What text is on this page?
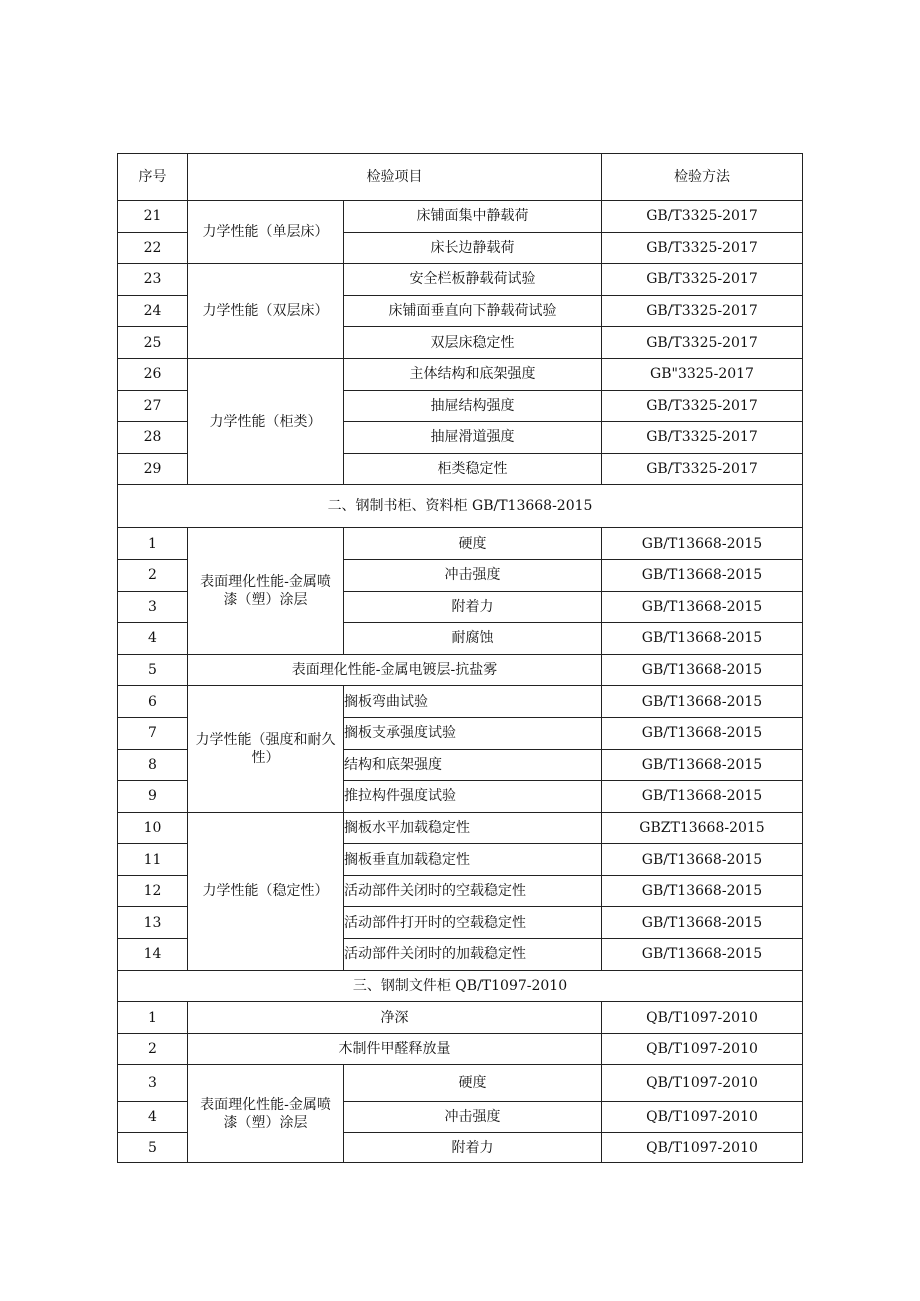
序号	检验项目		检验方法
21	力学性能（单层床）	床铺面集中静载荷	GB/T3325-2017
22		床长边静载荷	GB/T3325-2017
23	力学性能（双层床）	安全栏板静载荷试验	GB/T3325-2017
24		床铺面垂直向下静载荷试验	GB/T3325-2017
25		双层床稳定性	GB/T3325-2017
26	力学性能（柜类）	主体结构和底架强度	GB"3325-2017
27		抽屉结构强度	GB/T3325-2017
28		抽屉滑道强度	GB/T3325-2017
29		柜类稳定性	GB/T3325-2017
二、钢制书柜、资料柜 GB/T13668-2015			
1	表面理化性能-金属喷
漆（塑）涂层	硬度	GB/T13668-2015
2		冲击强度	GB/T13668-2015
3		附着力	GB/T13668-2015
4		耐腐蚀	GB/T13668-2015
5	表面理化性能-金属电镀层-抗盐雾		GB/T13668-2015
6	力学性能（强度和耐久
性）	搁板弯曲试验	GB/T13668-2015
7		搁板支承强度试验	GB/T13668-2015
8		结构和底架强度	GB/T13668-2015
9		推拉构件强度试验	GB/T13668-2015
10	力学性能（稳定性）	搁板水平加载稳定性	GBZT13668-2015
11		搁板垂直加载稳定性	GB/T13668-2015
12		活动部件关闭时的空载稳定性	GB/T13668-2015
13		活动部件打开时的空载稳定性	GB/T13668-2015
14		活动部件关闭时的加载稳定性	GB/T13668-2015
三、钢制文件柜 QB/T1097-2010			
1	净深		QB/T1097-2010
2	木制件甲醛释放量		QB/T1097-2010
3	表面理化性能-金属喷
漆（塑）涂层	硬度	QB/T1097-2010
4		冲击强度	QB/T1097-2010
5		附着力	QB/T1097-2010
